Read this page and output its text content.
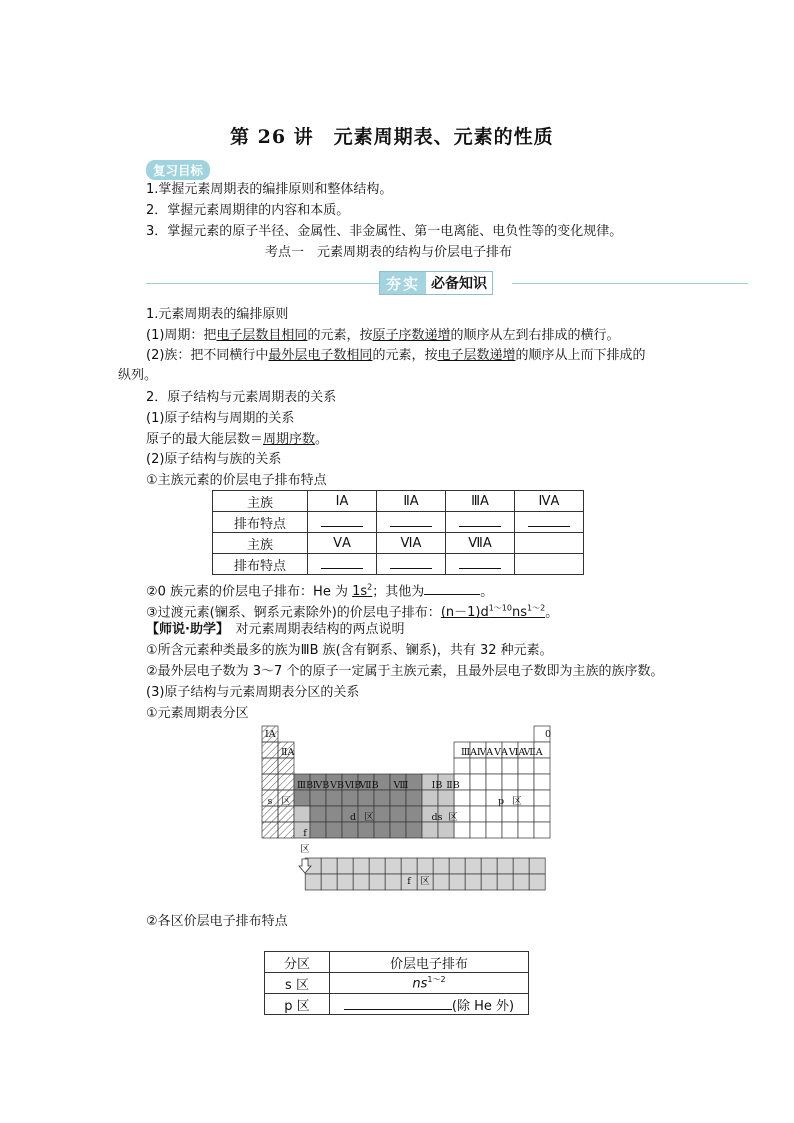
第 26 讲　元素周期表、元素的性质
复习目标
1.掌握元素周期表的编排原则和整体结构。
2．掌握元素周期律的内容和本质。
3．掌握元素的原子半径、金属性、非金属性、第一电离能、电负性等的变化规律。
考点一　元素周期表的结构与价层电子排布
夯实 必备知识
1.元素周期表的编排原则
(1)周期：把电子层数目相同的元素，按原子序数递增的顺序从左到右排成的横行。
(2)族：把不同横行中最外层电子数相同的元素，按电子层数递增的顺序从上而下排成的
纵列。
2．原子结构与元素周期表的关系
(1)原子结构与周期的关系
原子的最大能层数＝周期序数。
(2)原子结构与族的关系
①主族元素的价层电子排布特点
主族	ⅠA	ⅡA	ⅢA	ⅣA
排布特点				
主族	ⅤA	ⅥA	ⅦA	
排布特点				
②0 族元素的价层电子排布：He 为 $1s^2$；其他为	。
③过渡元素(镧系、锕系元素除外)的价层电子排布：$(n-1)d^{1\sim 10}ns^{1\sim 2}$。
【师说·助学】　对元素周期表结构的两点说明
①所含元素种类最多的族为ⅢB 族(含有锕系、镧系)，共有 32 种元素。
②最外层电子数为 3～7 个的原子一定属于主族元素，且最外层电子数即为主族的族序数。
(3)原子结构与元素周期表分区的关系
①元素周期表分区
ⅠA
ⅡA
0
ⅢA ⅣA ⅤA ⅥA
ⅦA
ⅢB ⅣB ⅤB ⅥB
ⅦB Ⅷ ⅠB ⅡB
s 区	p 区
d 区	ds 区
f
区
f 区
②各区价层电子排布特点
分区	价层电子排布
s 区	$ns^{1\sim 2}$
p 区	(除 He 外)
